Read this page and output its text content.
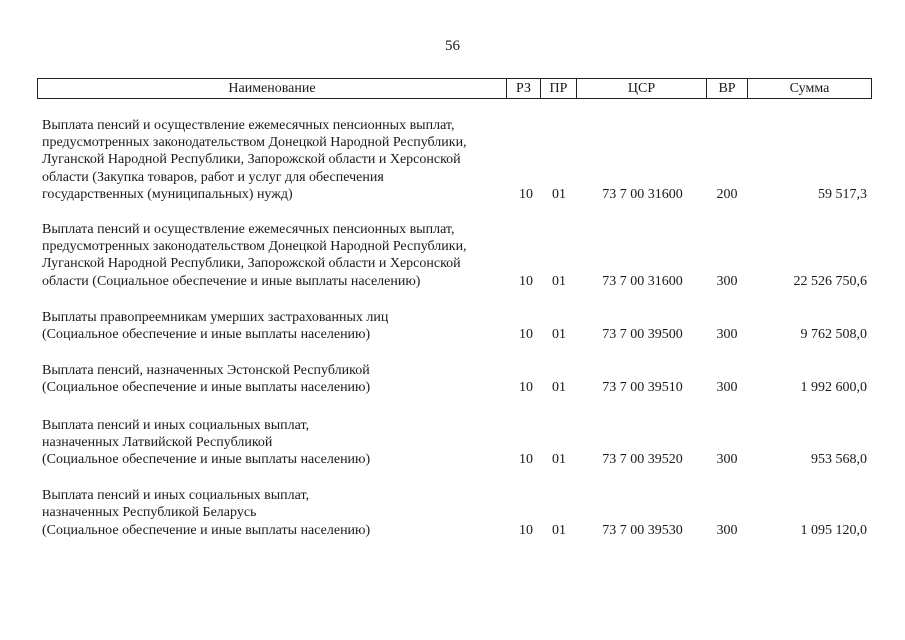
56
Наименование	РЗ	ПР	ЦСР	ВР	Сумма
Выплата пенсий и осуществление ежемесячных пенсионных выплат,
предусмотренных законодательством Донецкой Народной Республики,
Луганской Народной Республики, Запорожской области и Херсонской
области (Закупка товаров, работ и услуг для обеспечения
государственных (муниципальных) нужд)	10	01	73 7 00 31600	200	59 517,3
Выплата пенсий и осуществление ежемесячных пенсионных выплат,
предусмотренных законодательством Донецкой Народной Республики,
Луганской Народной Республики, Запорожской области и Херсонской
области (Социальное обеспечение и иные выплаты населению)	10	01	73 7 00 31600	300	22 526 750,6
Выплаты правопреемникам умерших застрахованных лиц
(Социальное обеспечение и иные выплаты населению)	10	01	73 7 00 39500	300	9 762 508,0
Выплата пенсий, назначенных Эстонской Республикой
(Социальное обеспечение и иные выплаты населению)	10	01	73 7 00 39510	300	1 992 600,0
Выплата пенсий и иных социальных выплат,
назначенных Латвийской Республикой
(Социальное обеспечение и иные выплаты населению)	10	01	73 7 00 39520	300	953 568,0
Выплата пенсий и иных социальных выплат,
назначенных Республикой Беларусь
(Социальное обеспечение и иные выплаты населению)	10	01	73 7 00 39530	300	1 095 120,0
